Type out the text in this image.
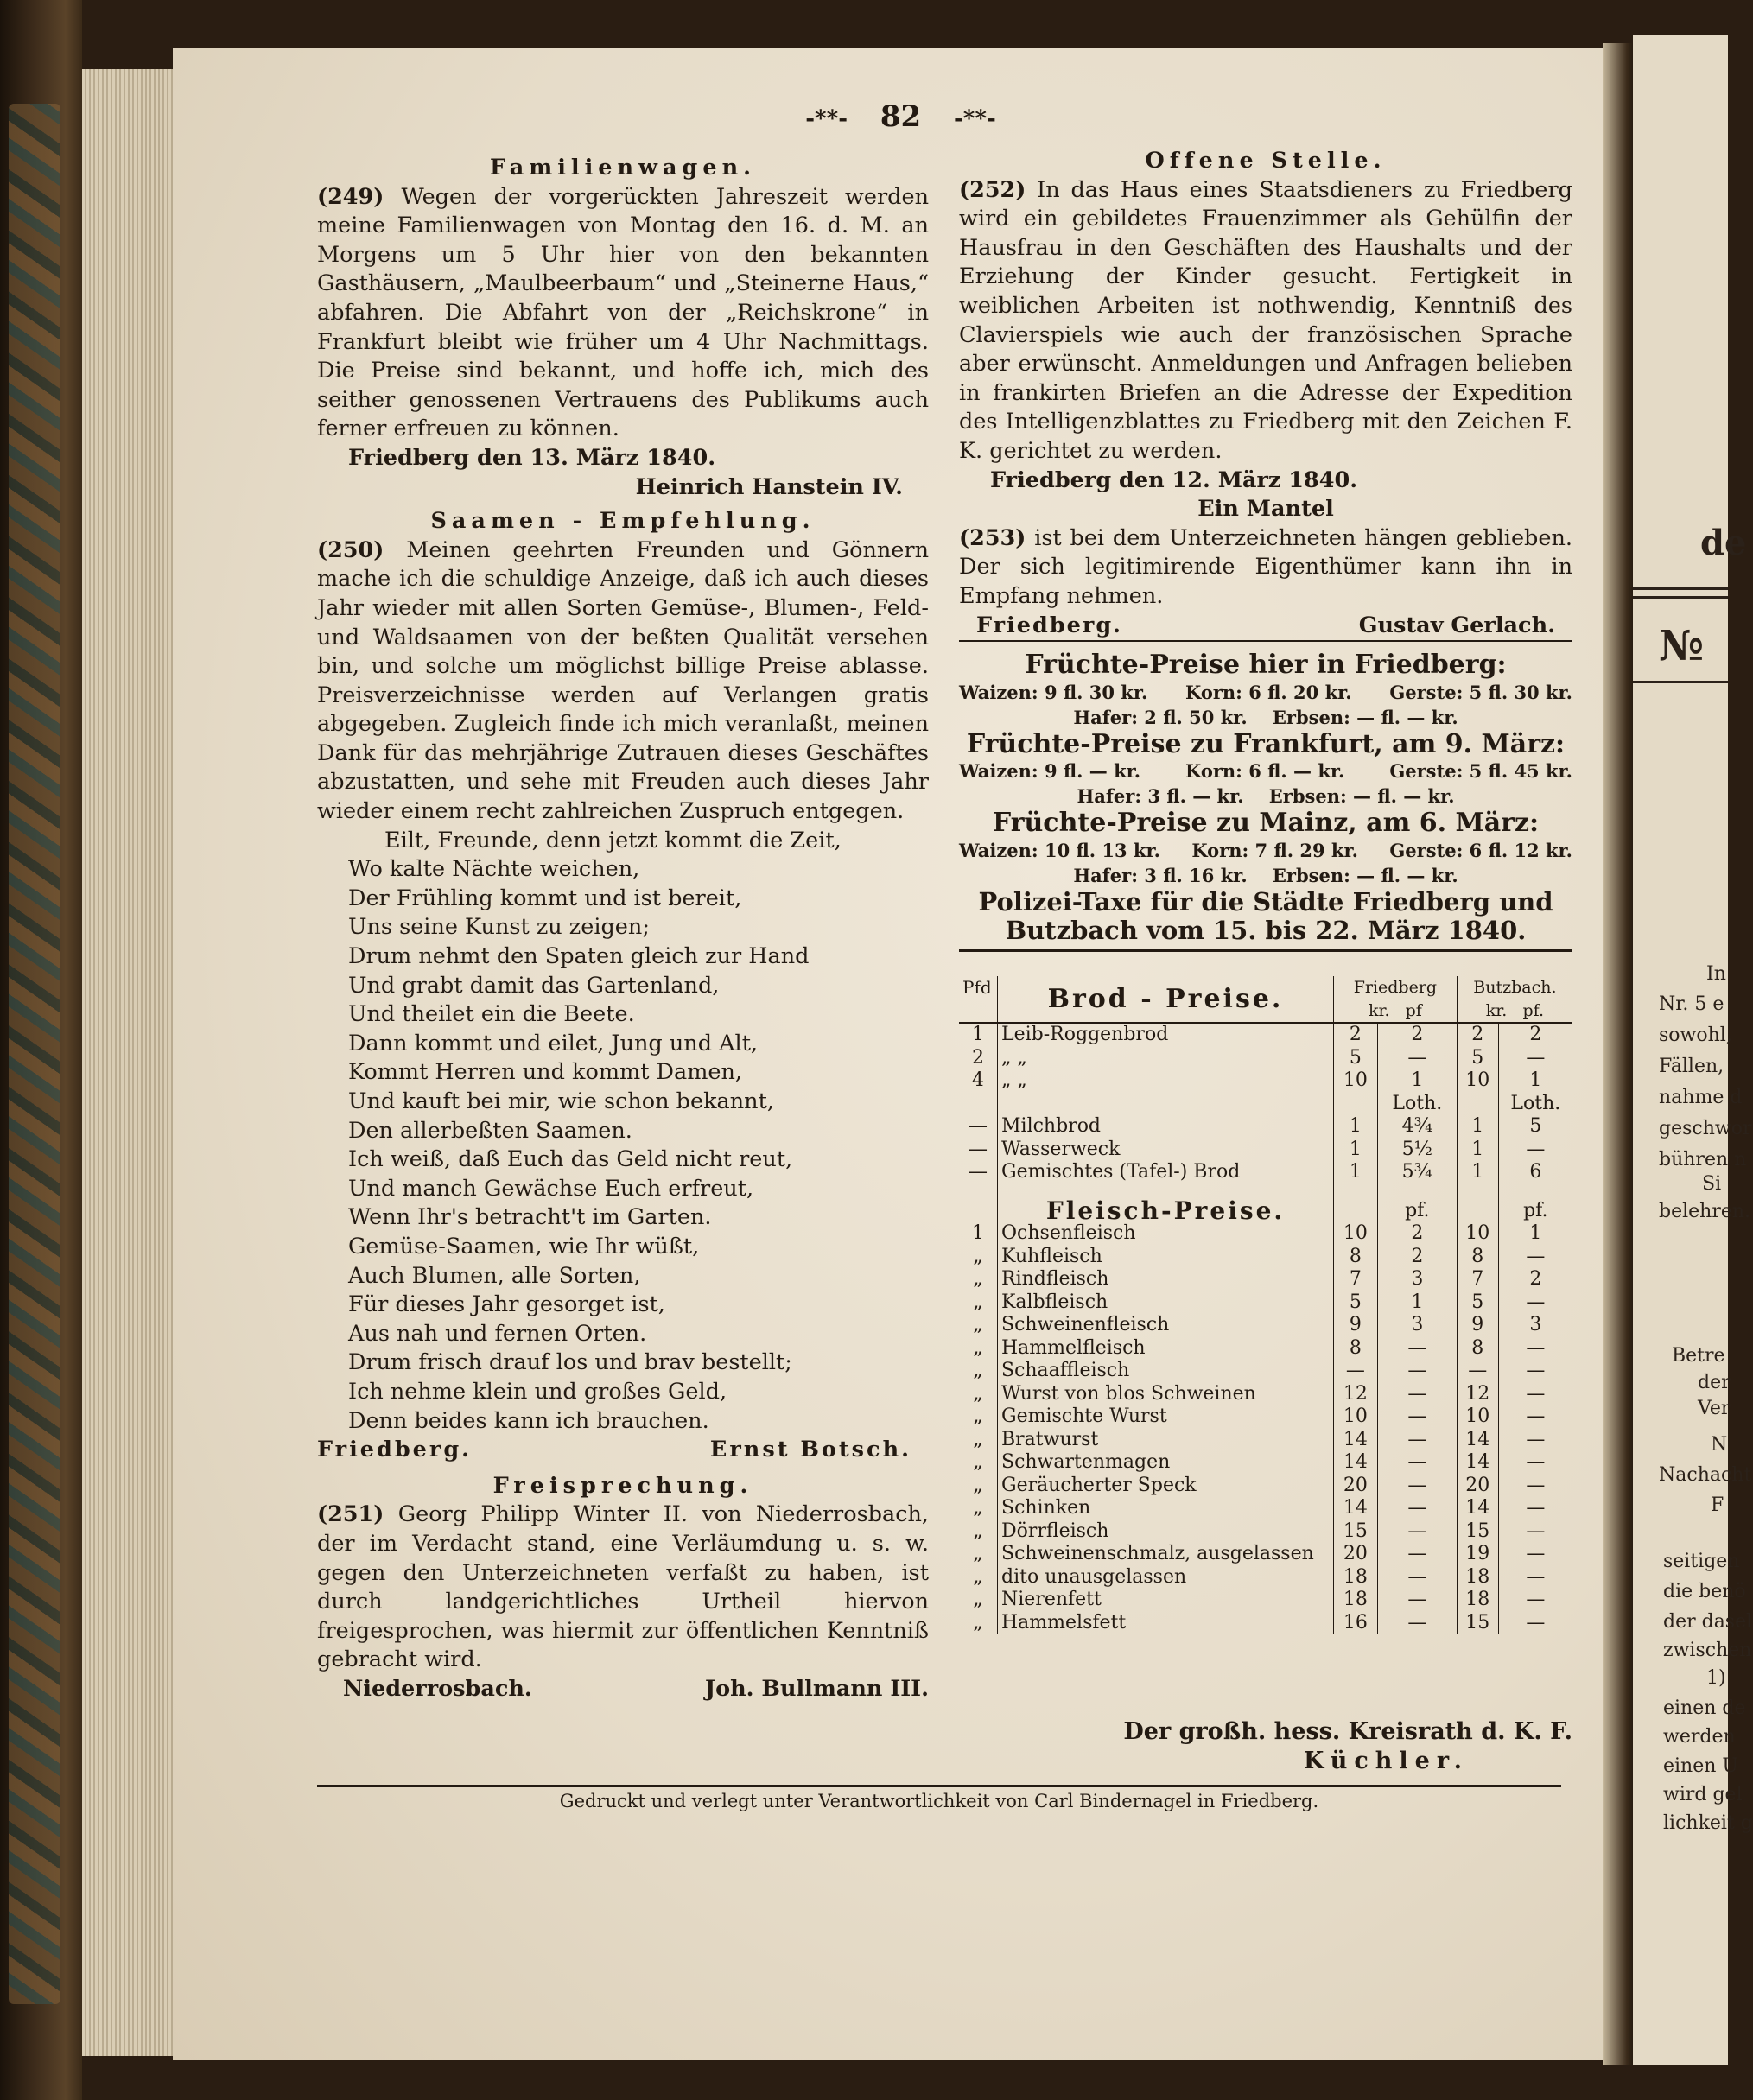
ﾠ
de
№
In
Nr. 5 e
sowohl,
Fällen,
nahme d
geschwor
bühren n
Si
belehren.
Betre
der
Ver
N
Nachacht
F
seitigen
die benö
der dasel
zwischen
1)
einen de
werden
einen U
wird gel
lichkeit g
-**- 82 -**-

Familienwagen.

(249) Wegen der vorgerückten Jahreszeit werden meine Familienwagen von Montag den 16. d. M. an Morgens um 5 Uhr hier von den bekannten Gasthäusern, „Maulbeerbaum“ und „Steinerne Haus,“ abfahren. Die Abfahrt von der „Reichskrone“ in Frankfurt bleibt wie früher um 4 Uhr Nachmittags. Die Preise sind bekannt, und hoffe ich, mich des seither genossenen Vertrauens des Publikums auch ferner erfreuen zu können.

Friedberg den 13. März 1840.

Heinrich Hanstein IV.

Saamen - Empfehlung.

(250) Meinen geehrten Freunden und Gönnern mache ich die schuldige Anzeige, daß ich auch dieses Jahr wieder mit allen Sorten Gemüse-, Blumen-, Feld- und Waldsaamen von der beßten Qualität versehen bin, und solche um möglichst billige Preise ablasse. Preisverzeichnisse werden auf Verlangen gratis abgegeben. Zugleich finde ich mich veranlaßt, meinen Dank für das mehrjährige Zutrauen dieses Geschäftes abzustatten, und sehe mit Freuden auch dieses Jahr wieder einem recht zahlreichen Zuspruch entgegen.

Eilt, Freunde, denn jetzt kommt die Zeit,

Wo kalte Nächte weichen,

Der Frühling kommt und ist bereit,

Uns seine Kunst zu zeigen;

Drum nehmt den Spaten gleich zur Hand

Und grabt damit das Gartenland,

Und theilet ein die Beete.

Dann kommt und eilet, Jung und Alt,

Kommt Herren und kommt Damen,

Und kauft bei mir, wie schon bekannt,

Den allerbeßten Saamen.

Ich weiß, daß Euch das Geld nicht reut,

Und manch Gewächse Euch erfreut,

Wenn Ihr's betracht't im Garten.

Gemüse-Saamen, wie Ihr wüßt,

Auch Blumen, alle Sorten,

Für dieses Jahr gesorget ist,

Aus nah und fernen Orten.

Drum frisch drauf los und brav bestellt;

Ich nehme klein und großes Geld,

Denn beides kann ich brauchen.

Friedberg.	Ernst Botsch.

Freisprechung.

(251) Georg Philipp Winter II. von Niederrosbach, der im Verdacht stand, eine Verläumdung u. s. w. gegen den Unterzeichneten verfaßt zu haben, ist durch landgerichtliches Urtheil hiervon freigesprochen, was hiermit zur öffentlichen Kenntniß gebracht wird.

Niederrosbach.	Joh. Bullmann III.

Offene Stelle.

(252) In das Haus eines Staatsdieners zu Friedberg wird ein gebildetes Frauenzimmer als Gehülfin der Hausfrau in den Geschäften des Haushalts und der Erziehung der Kinder gesucht. Fertigkeit in weiblichen Arbeiten ist nothwendig, Kenntniß des Clavierspiels wie auch der französischen Sprache aber erwünscht. Anmeldungen und Anfragen belieben in frankirten Briefen an die Adresse der Expedition des Intelligenzblattes zu Friedberg mit den Zeichen F. K. gerichtet zu werden.

Friedberg den 12. März 1840.

Ein Mantel

(253) ist bei dem Unterzeichneten hängen geblieben. Der sich legitimirende Eigenthümer kann ihn in Empfang nehmen.

Friedberg.	Gustav Gerlach.

Früchte-Preise hier in Friedberg:

Waizen: 9 fl. 30 kr. Korn: 6 fl. 20 kr. Gerste: 5 fl. 30 kr.
Hafer: 2 fl. 50 kr. Erbsen: — fl. — kr.

Früchte-Preise zu Frankfurt, am 9. März:

Waizen: 9 fl. — kr. Korn: 6 fl. — kr. Gerste: 5 fl. 45 kr.
Hafer: 3 fl. — kr. Erbsen: — fl. — kr.

Früchte-Preise zu Mainz, am 6. März:

Waizen: 10 fl. 13 kr. Korn: 7 fl. 29 kr. Gerste: 6 fl. 12 kr.
Hafer: 3 fl. 16 kr. Erbsen: — fl. — kr.

Polizei-Taxe für die Städte Friedberg und

Butzbach vom 15. bis 22. März 1840.

Pfd	Brod - Preise.	Friedberg
kr. pf		Butzbach.
kr. pf.	
1	Leib-Roggenbrod	2	2	2	2
2	„ „	5	—	5	—
4	„ „	10	1	10	1
			Loth.		Loth.
—	Milchbrod	1	4¾	1	5
—	Wasserweck	1	5½	1	—
—	Gemischtes (Tafel-) Brod	1	5¾	1	6
	Fleisch-Preise.		pf.		pf.
1	Ochsenfleisch	10	2	10	1
„	Kuhfleisch	8	2	8	—
„	Rindfleisch	7	3	7	2
„	Kalbfleisch	5	1	5	—
„	Schweinenfleisch	9	3	9	3
„	Hammelfleisch	8	—	8	—
„	Schaaffleisch	—	—	—	—
„	Wurst von blos Schweinen	12	—	12	—
„	Gemischte Wurst	10	—	10	—
„	Bratwurst	14	—	14	—
„	Schwartenmagen	14	—	14	—
„	Geräucherter Speck	20	—	20	—
„	Schinken	14	—	14	—
„	Dörrfleisch	15	—	15	—
„	Schweinenschmalz, ausgelassen	20	—	19	—
„	dito unausgelassen	18	—	18	—
„	Nierenfett	18	—	18	—
„	Hammelsfett	16	—	15	—
Der großh. hess. Kreisrath d. K. F.
Küchler.
Gedruckt und verlegt unter Verantwortlichkeit von Carl Bindernagel in Friedberg.
